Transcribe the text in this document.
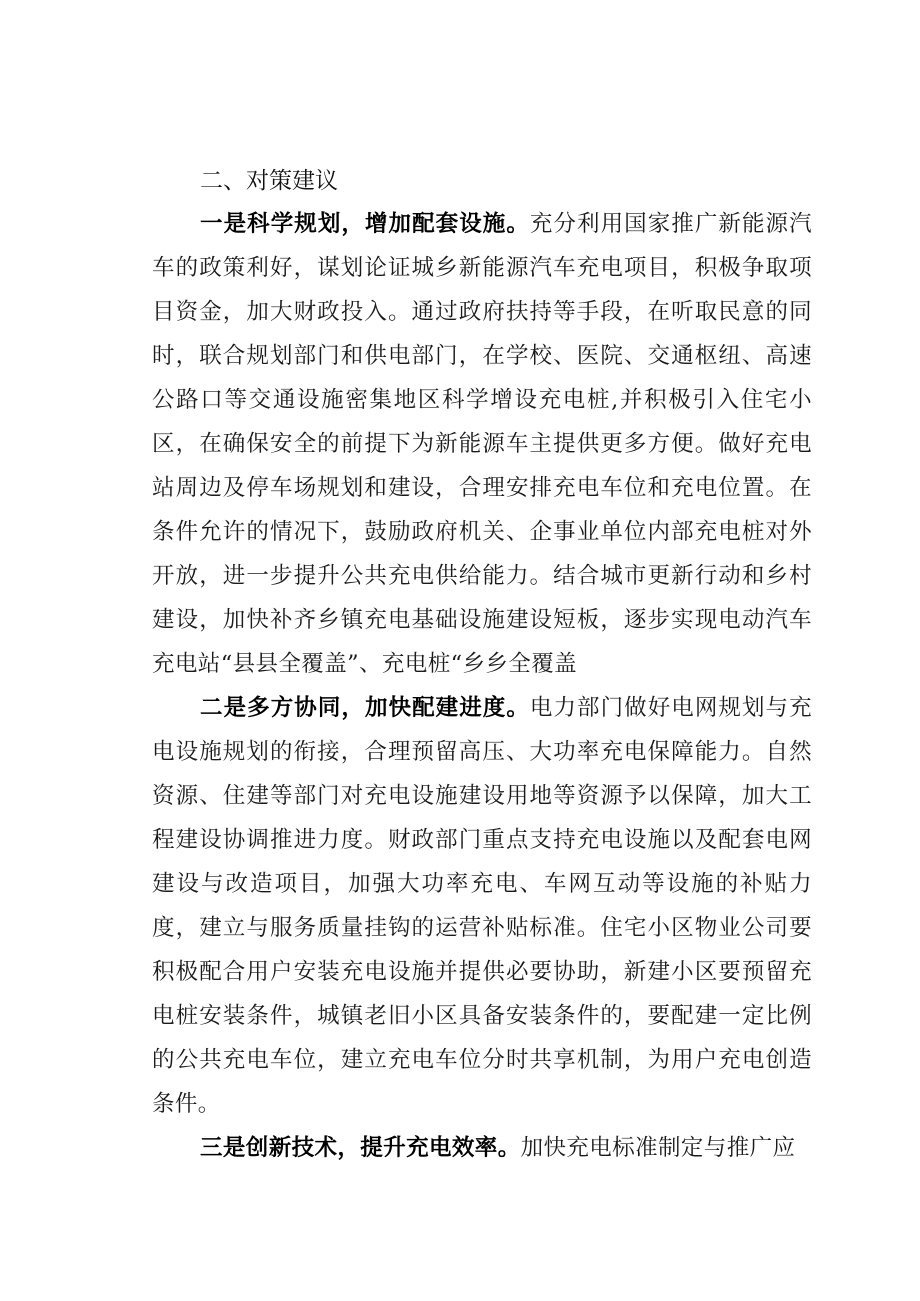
二、对策建议

一是科学规划，增加配套设施。充分利用国家推广新能源汽车的政策利好，谋划论证城乡新能源汽车充电项目，积极争取项目资金，加大财政投入。通过政府扶持等手段，在听取民意的同时，联合规划部门和供电部门，在学校、医院、交通枢纽、高速公路口等交通设施密集地区科学增设充电桩,并积极引入住宅小区，在确保安全的前提下为新能源车主提供更多方便。做好充电站周边及停车场规划和建设，合理安排充电车位和充电位置。在条件允许的情况下，鼓励政府机关、企事业单位内部充电桩对外开放，进一步提升公共充电供给能力。结合城市更新行动和乡村建设，加快补齐乡镇充电基础设施建设短板，逐步实现电动汽车充电站“县县全覆盖”、充电桩“乡乡全覆盖

二是多方协同，加快配建进度。电力部门做好电网规划与充电设施规划的衔接，合理预留高压、大功率充电保障能力。自然资源、住建等部门对充电设施建设用地等资源予以保障，加大工程建设协调推进力度。财政部门重点支持充电设施以及配套电网建设与改造项目，加强大功率充电、车网互动等设施的补贴力度，建立与服务质量挂钩的运营补贴标准。住宅小区物业公司要积极配合用户安装充电设施并提供必要协助，新建小区要预留充电桩安装条件，城镇老旧小区具备安装条件的，要配建一定比例的公共充电车位，建立充电车位分时共享机制，为用户充电创造条件。

三是创新技术，提升充电效率。加快充电标准制定与推广应
